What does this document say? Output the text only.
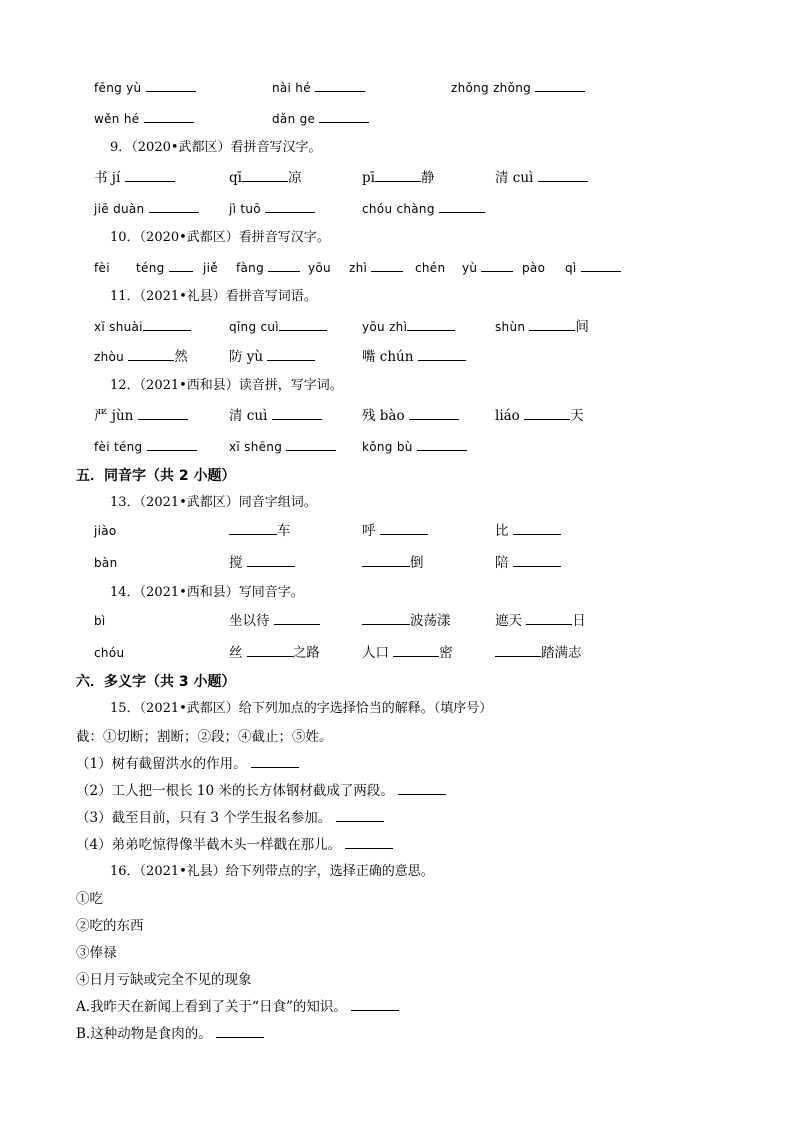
fēng yù	nài hé	zhǒng zhǒng
wěn hé	dǎn ge
9．（2020•武都区）看拼音写汉字。
书 jí	qī	凉	pī	静	清 cuì
jiē duàn	jì tuō	chóu chàng
10．（2020•武都区）看拼音写汉字。
fèi téng	jiě fàng	yōu zhì	chén yù	pào qì
11．（2021•礼县）看拼音写词语。
xī shuài	qīng cuì	yōu zhì	shùn	间
zhòu	然	防 yù	嘴 chún
12．（2021•西和县）读音拼，写字词。
严 jùn	清 cuì	残 bào	liáo	天
fèi téng	xī shēng	kǒng bù
五．同音字（共 2 小题）
13．（2021•武都区）同音字组词。
jiào	车	呼	比
bàn	搅	倒	陪
14．（2021•西和县）写同音字。
bì	坐以待	波荡漾	遮天	日
chóu	丝	之路	人口	密	踏满志
六．多义字（共 3 小题）
15．（2021•武都区）给下列加点的字选择恰当的解释。（填序号）
截：①切断；割断；②段；④截止；⑤姓。
（1）树有截留洪水的作用。
（2）工人把一根长 10 米的长方体钢材截成了两段。
（3）截至目前，只有 3 个学生报名参加。
（4）弟弟吃惊得像半截木头一样戳在那儿。
16．（2021•礼县）给下列带点的字，选择正确的意思。
①吃
②吃的东西
③俸禄
④日月亏缺或完全不见的现象
A.我昨天在新闻上看到了关于“日食”的知识。
B.这种动物是食肉的。
